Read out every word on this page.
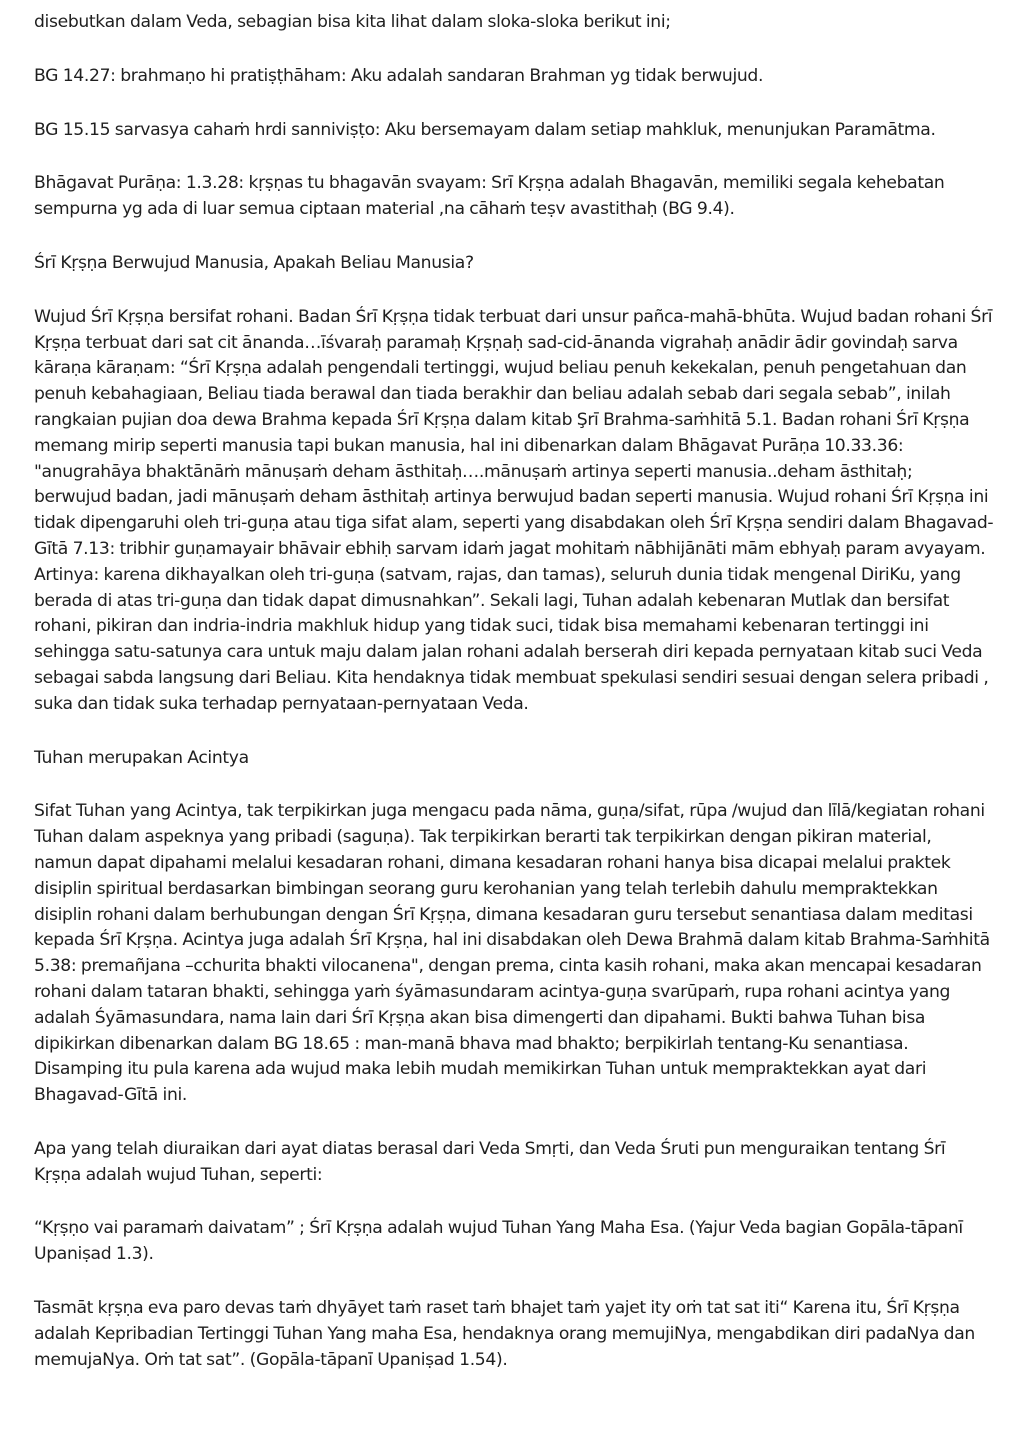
disebutkan dalam Veda, sebagian bisa kita lihat dalam sloka-sloka berikut ini;

BG 14.27: brahmaṇo hi pratiṣṭhāham: Aku adalah sandaran Brahman yg tidak berwujud.

BG 15.15 sarvasya cahaṁ hrdi sanniviṣṭo: Aku bersemayam dalam setiap mahkluk, menunjukan Paramātma.

Bhāgavat Purāṇa: 1.3.28: kṛṣṇas tu bhagavān svayam: Srī Kṛṣṇa adalah Bhagavān, memiliki segala kehebatan sempurna yg ada di luar semua ciptaan material ,na cāhaṁ teṣv avastithaḥ (BG 9.4).

Śrī Kṛṣṇa Berwujud Manusia, Apakah Beliau Manusia?

Wujud Śrī Kṛṣṇa bersifat rohani. Badan Śrī Kṛṣṇa tidak terbuat dari unsur pañca-mahā-bhūta. Wujud badan rohani Śrī Kṛṣṇa terbuat dari sat cit ānanda…īśvaraḥ paramaḥ Kṛṣṇaḥ sad-cid-ānanda vigrahaḥ anādir ādir govindaḥ sarva kāraṇa kāraṇam: “Śrī Kṛṣṇa adalah pengendali tertinggi, wujud beliau penuh kekekalan, penuh pengetahuan dan penuh kebahagiaan, Beliau tiada berawal dan tiada berakhir dan beliau adalah sebab dari segala sebab”, inilah rangkaian pujian doa dewa Brahma kepada Śrī Kṛṣṇa dalam kitab Şrī Brahma-saṁhitā 5.1. Badan rohani Śrī Kṛṣṇa memang mirip seperti manusia tapi bukan manusia, hal ini dibenarkan dalam Bhāgavat Purāṇa 10.33.36: "anugrahāya bhaktānāṁ mānuṣaṁ deham āsthitaḥ….mānuṣaṁ artinya seperti manusia..deham āsthitaḥ; berwujud badan, jadi mānuṣaṁ deham āsthitaḥ artinya berwujud badan seperti manusia. Wujud rohani Śrī Kṛṣṇa ini tidak dipengaruhi oleh tri-guṇa atau tiga sifat alam, seperti yang disabdakan oleh Śrī Kṛṣṇa sendiri dalam Bhagavad-Gītā 7.13: tribhir guṇamayair bhāvair ebhiḥ sarvam idaṁ jagat mohitaṁ nābhijānāti mām ebhyaḥ param avyayam. Artinya: karena dikhayalkan oleh tri-guṇa (satvam, rajas, dan tamas), seluruh dunia tidak mengenal DiriKu, yang berada di atas tri-guṇa dan tidak dapat dimusnahkan”. Sekali lagi, Tuhan adalah kebenaran Mutlak dan bersifat rohani, pikiran dan indria-indria makhluk hidup yang tidak suci, tidak bisa memahami kebenaran tertinggi ini sehingga satu-satunya cara untuk maju dalam jalan rohani adalah berserah diri kepada pernyataan kitab suci Veda sebagai sabda langsung dari Beliau. Kita hendaknya tidak membuat spekulasi sendiri sesuai dengan selera pribadi , suka dan tidak suka terhadap pernyataan-pernyataan Veda.

Tuhan merupakan Acintya

Sifat Tuhan yang Acintya, tak terpikirkan juga mengacu pada nāma, guṇa/sifat, rūpa /wujud dan līlā/kegiatan rohani Tuhan dalam aspeknya yang pribadi (saguṇa). Tak terpikirkan berarti tak terpikirkan dengan pikiran material, namun dapat dipahami melalui kesadaran rohani, dimana kesadaran rohani hanya bisa dicapai melalui praktek disiplin spiritual berdasarkan bimbingan seorang guru kerohanian yang telah terlebih dahulu mempraktekkan disiplin rohani dalam berhubungan dengan Śrī Kṛṣṇa, dimana kesadaran guru tersebut senantiasa dalam meditasi kepada Śrī Kṛṣṇa. Acintya juga adalah Śrī Kṛṣṇa, hal ini disabdakan oleh Dewa Brahmā dalam kitab Brahma-Saṁhitā 5.38: premañjana –cchurita bhakti vilocanena", dengan prema, cinta kasih rohani, maka akan mencapai kesadaran rohani dalam tataran bhakti, sehingga yaṁ śyāmasundaram acintya-guṇa svarūpaṁ, rupa rohani acintya yang adalah Śyāmasundara, nama lain dari Śrī Kṛṣṇa akan bisa dimengerti dan dipahami. Bukti bahwa Tuhan bisa dipikirkan dibenarkan dalam BG 18.65 : man-manā bhava mad bhakto; berpikirlah tentang-Ku senantiasa. Disamping itu pula karena ada wujud maka lebih mudah memikirkan Tuhan untuk mempraktekkan ayat dari Bhagavad-Gītā ini.

Apa yang telah diuraikan dari ayat diatas berasal dari Veda Smṛti, dan Veda Śruti pun menguraikan tentang Śrī Kṛṣṇa adalah wujud Tuhan, seperti:

“Kṛṣṇo vai paramaṁ daivatam” ; Śrī Kṛṣṇa adalah wujud Tuhan Yang Maha Esa. (Yajur Veda bagian Gopāla-tāpanī Upaniṣad 1.3).

Tasmāt kṛṣṇa eva paro devas taṁ dhyāyet taṁ raset taṁ bhajet taṁ yajet ity oṁ tat sat iti“ Karena itu, Śrī Kṛṣṇa adalah Kepribadian Tertinggi Tuhan Yang maha Esa, hendaknya orang memujiNya, mengabdikan diri padaNya dan memujaNya. Oṁ tat sat”. (Gopāla-tāpanī Upaniṣad 1.54).
